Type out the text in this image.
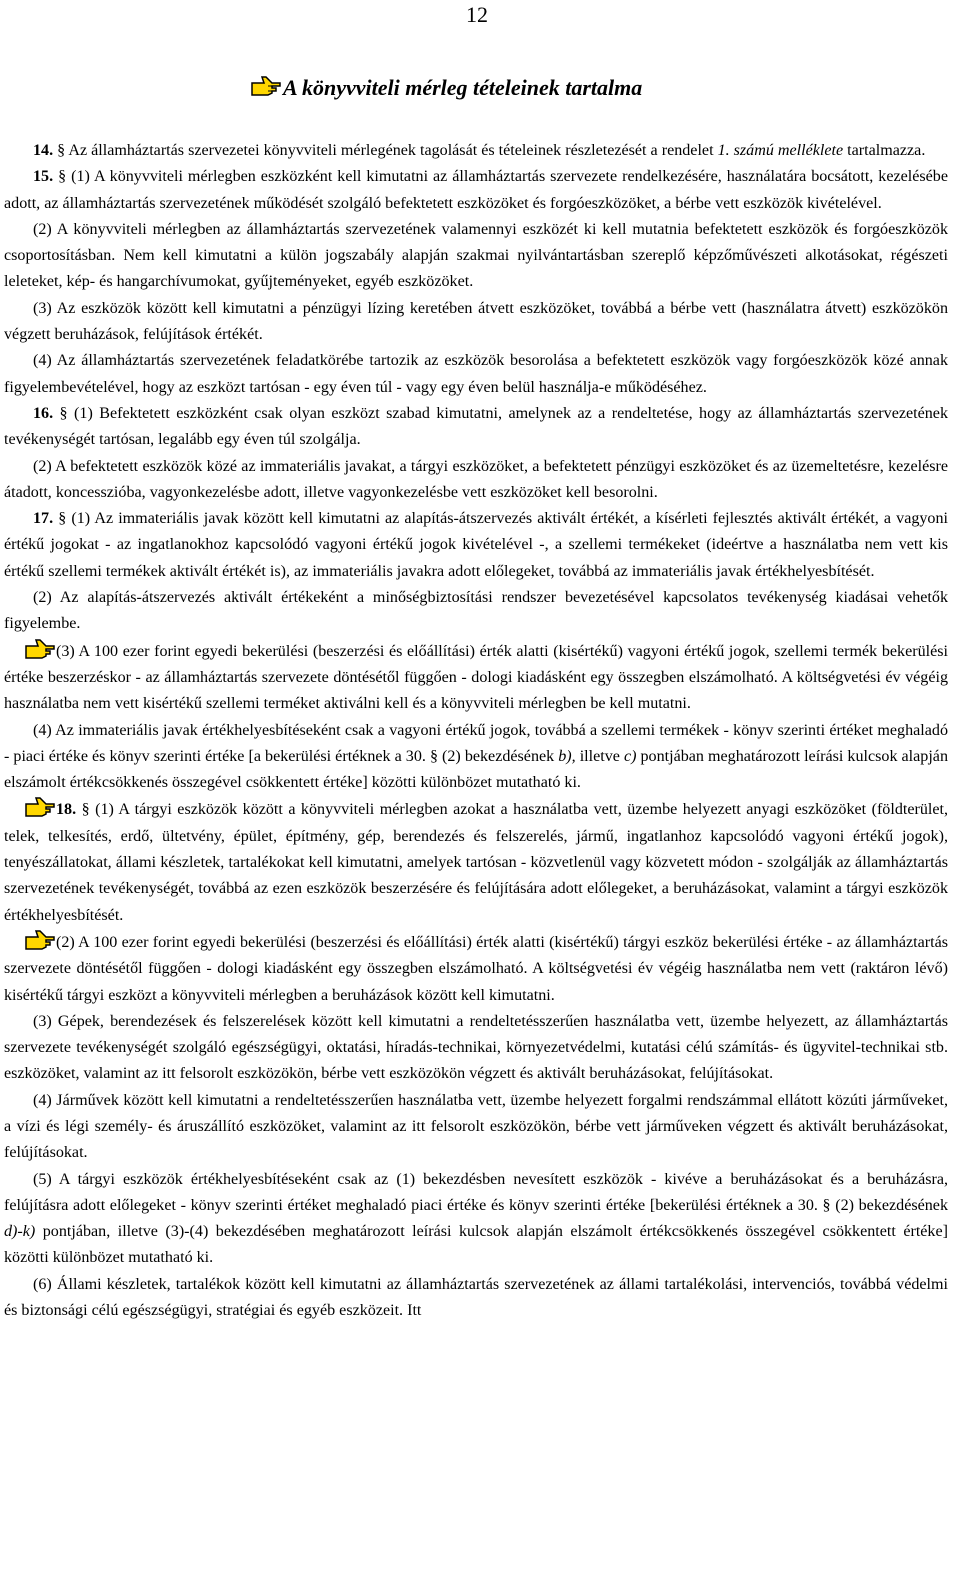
12
A könyvviteli mérleg tételeinek tartalma

14. § Az államháztartás szervezetei könyvviteli mérlegének tagolását és tételeinek részletezését a rendelet 1. számú melléklete tartalmazza.

15. § (1) A könyvviteli mérlegben eszközként kell kimutatni az államháztartás szervezete rendelkezésére, használatára bocsátott, kezelésébe adott, az államháztartás szervezetének működését szolgáló befektetett eszközöket és forgóeszközöket, a bérbe vett eszközök kivételével.

(2) A könyvviteli mérlegben az államháztartás szervezetének valamennyi eszközét ki kell mutatnia befektetett eszközök és forgóeszközök csoportosításban. Nem kell kimutatni a külön jogszabály alapján szakmai nyilvántartásban szereplő képzőművészeti alkotásokat, régészeti leleteket, kép- és hangarchívumokat, gyűjteményeket, egyéb eszközöket.

(3) Az eszközök között kell kimutatni a pénzügyi lízing keretében átvett eszközöket, továbbá a bérbe vett (használatra átvett) eszközökön végzett beruházások, felújítások értékét.

(4) Az államháztartás szervezetének feladatkörébe tartozik az eszközök besorolása a befektetett eszközök vagy forgóeszközök közé annak figyelembevételével, hogy az eszközt tartósan - egy éven túl - vagy egy éven belül használja-e működéséhez.

16. § (1) Befektetett eszközként csak olyan eszközt szabad kimutatni, amelynek az a rendeltetése, hogy az államháztartás szervezetének tevékenységét tartósan, legalább egy éven túl szolgálja.

(2) A befektetett eszközök közé az immateriális javakat, a tárgyi eszközöket, a befektetett pénzügyi eszközöket és az üzemeltetésre, kezelésre átadott, koncesszióba, vagyonkezelésbe adott, illetve vagyonkezelésbe vett eszközöket kell besorolni.

17. § (1) Az immateriális javak között kell kimutatni az alapítás-átszervezés aktivált értékét, a kísérleti fejlesztés aktivált értékét, a vagyoni értékű jogokat - az ingatlanokhoz kapcsolódó vagyoni értékű jogok kivételével -, a szellemi termékeket (ideértve a használatba nem vett kis értékű szellemi termékek aktivált értékét is), az immateriális javakra adott előlegeket, továbbá az immateriális javak értékhelyesbítését.

(2) Az alapítás-átszervezés aktivált értékeként a minőségbiztosítási rendszer bevezetésével kapcsolatos tevékenység kiadásai vehetők figyelembe.

(3) A 100 ezer forint egyedi bekerülési (beszerzési és előállítási) érték alatti (kisértékű) vagyoni értékű jogok, szellemi termék bekerülési értéke beszerzéskor - az államháztartás szervezete döntésétől függően - dologi kiadásként egy összegben elszámolható. A költségvetési év végéig használatba nem vett kisértékű szellemi terméket aktiválni kell és a könyvviteli mérlegben be kell mutatni.

(4) Az immateriális javak értékhelyesbítéseként csak a vagyoni értékű jogok, továbbá a szellemi termékek - könyv szerinti értéket meghaladó - piaci értéke és könyv szerinti értéke [a bekerülési értéknek a 30. § (2) bekezdésének b), illetve c) pontjában meghatározott leírási kulcsok alapján elszámolt értékcsökkenés összegével csökkentett értéke] közötti különbözet mutatható ki.

18. § (1) A tárgyi eszközök között a könyvviteli mérlegben azokat a használatba vett, üzembe helyezett anyagi eszközöket (földterület, telek, telkesítés, erdő, ültetvény, épület, építmény, gép, berendezés és felszerelés, jármű, ingatlanhoz kapcsolódó vagyoni értékű jogok), tenyészállatokat, állami készletek, tartalékokat kell kimutatni, amelyek tartósan - közvetlenül vagy közvetett módon - szolgálják az államháztartás szervezetének tevékenységét, továbbá az ezen eszközök beszerzésére és felújítására adott előlegeket, a beruházásokat, valamint a tárgyi eszközök értékhelyesbítését.

(2) A 100 ezer forint egyedi bekerülési (beszerzési és előállítási) érték alatti (kisértékű) tárgyi eszköz bekerülési értéke - az államháztartás szervezete döntésétől függően - dologi kiadásként egy összegben elszámolható. A költségvetési év végéig használatba nem vett (raktáron lévő) kisértékű tárgyi eszközt a könyvviteli mérlegben a beruházások között kell kimutatni.

(3) Gépek, berendezések és felszerelések között kell kimutatni a rendeltetésszerűen használatba vett, üzembe helyezett, az államháztartás szervezete tevékenységét szolgáló egészségügyi, oktatási, híradás-technikai, környezetvédelmi, kutatási célú számítás- és ügyvitel-technikai stb. eszközöket, valamint az itt felsorolt eszközökön, bérbe vett eszközökön végzett és aktivált beruházásokat, felújításokat.

(4) Járművek között kell kimutatni a rendeltetésszerűen használatba vett, üzembe helyezett forgalmi rendszámmal ellátott közúti járműveket, a vízi és légi személy- és áruszállító eszközöket, valamint az itt felsorolt eszközökön, bérbe vett járműveken végzett és aktivált beruházásokat, felújításokat.

(5) A tárgyi eszközök értékhelyesbítéseként csak az (1) bekezdésben nevesített eszközök - kivéve a beruházásokat és a beruházásra, felújításra adott előlegeket - könyv szerinti értéket meghaladó piaci értéke és könyv szerinti értéke [bekerülési értéknek a 30. § (2) bekezdésének d)-k) pontjában, illetve (3)-(4) bekezdésében meghatározott leírási kulcsok alapján elszámolt értékcsökkenés összegével csökkentett értéke] közötti különbözet mutatható ki.

(6) Állami készletek, tartalékok között kell kimutatni az államháztartás szervezetének az állami tartalékolási, intervenciós, továbbá védelmi és biztonsági célú egészségügyi, stratégiai és egyéb eszközeit. Itt
